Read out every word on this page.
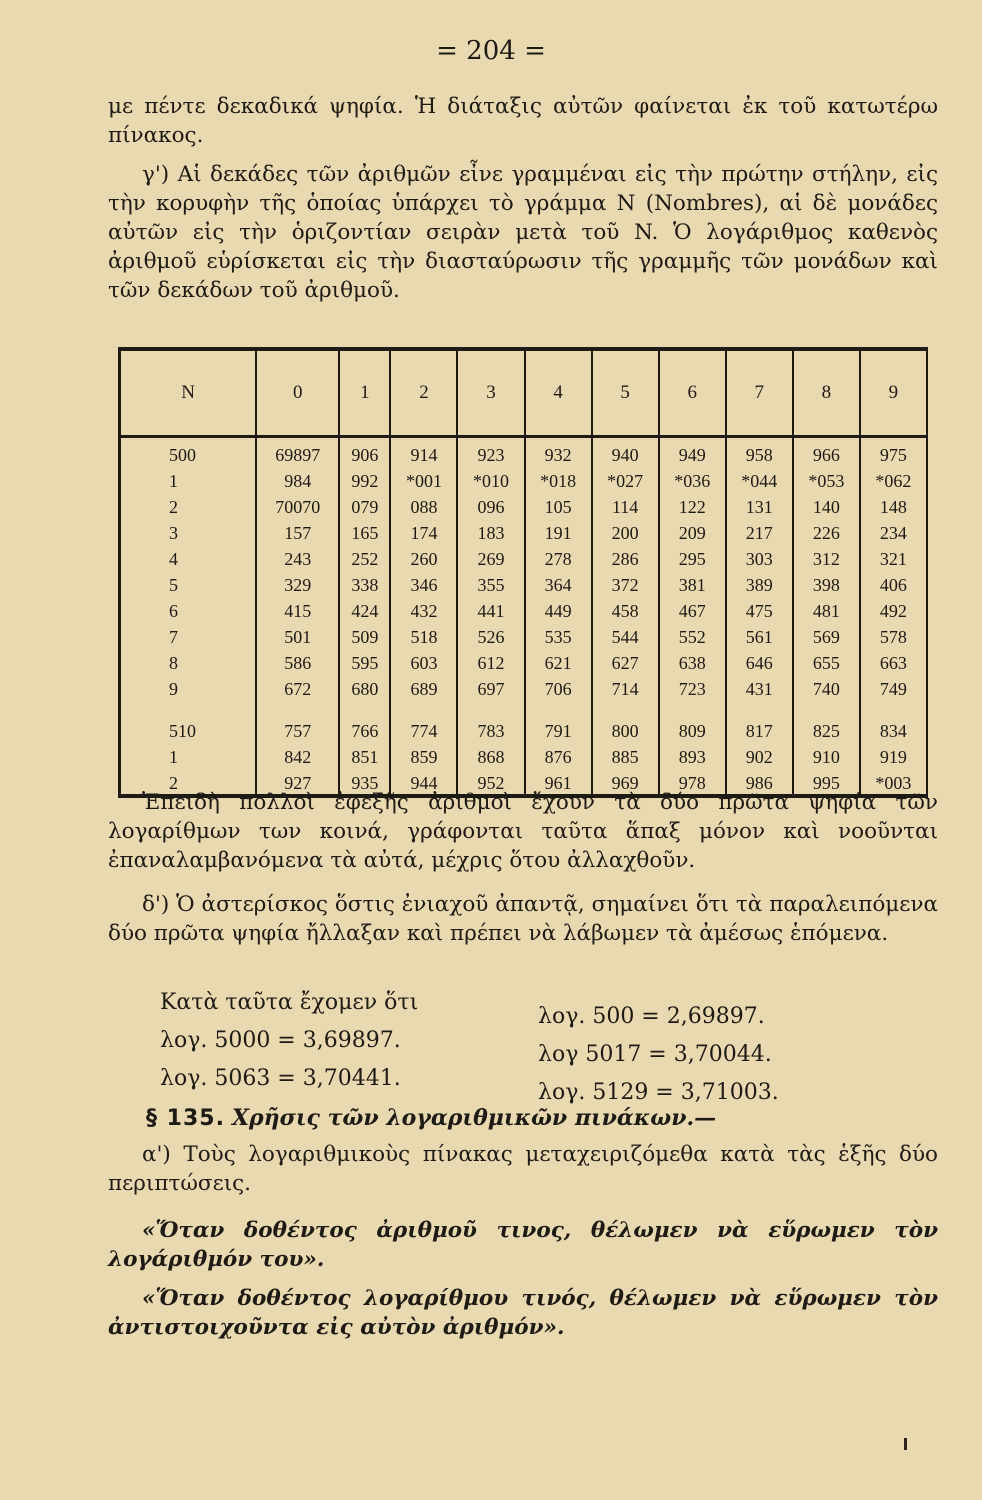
= 204 =

με πέντε δεκαδικά ψηφία. Ἡ διάταξις αὐτῶν φαίνεται ἐκ τοῦ κατωτέρω πίνακος.

γ') Αἱ δεκάδες τῶν ἀριθμῶν εἶνε γραμμέναι εἰς τὴν πρώτην στήλην, εἰς τὴν κορυφὴν τῆς ὁποίας ὑπάρχει τὸ γράμμα N (Nombres), αἱ δὲ μονάδες αὐτῶν εἰς τὴν ὁριζοντίαν σειρὰν μετὰ τοῦ N. Ὁ λογάριθμος καθενὸς ἀριθμοῦ εὑρίσκεται εἰς τὴν διασταύρωσιν τῆς γραμμῆς τῶν μονάδων καὶ τῶν δεκάδων τοῦ ἀριθμοῦ.

N	0	1	2	3	4	5	6	7	8	9
500	69897	906	914	923	932	940	949	958	966	975
1	984	992	*001	*010	*018	*027	*036	*044	*053	*062
2	70070	079	088	096	105	114	122	131	140	148
3	157	165	174	183	191	200	209	217	226	234
4	243	252	260	269	278	286	295	303	312	321
5	329	338	346	355	364	372	381	389	398	406
6	415	424	432	441	449	458	467	475	481	492
7	501	509	518	526	535	544	552	561	569	578
8	586	595	603	612	621	627	638	646	655	663
9	672	680	689	697	706	714	723	431	740	749

510	757	766	774	783	791	800	809	817	825	834
1	842	851	859	868	876	885	893	902	910	919
2	927	935	944	952	961	969	978	986	995	*003

Ἐπειδὴ πολλοὶ ἐφεξῆς ἀριθμοὶ ἔχουν τὰ δύο πρῶτα ψηφία τῶν λογαρίθμων των κοινά, γράφονται ταῦτα ἅπαξ μόνον καὶ νοοῦνται ἐπαναλαμβανόμενα τὰ αὐτά, μέχρις ὅτου ἀλλαχθοῦν.

δ') Ὁ ἀστερίσκος ὅστις ἐνιαχοῦ ἀπαντᾷ, σημαίνει ὅτι τὰ παραλειπόμενα δύο πρῶτα ψηφία ἤλλαξαν καὶ πρέπει νὰ λάβωμεν τὰ ἀμέσως ἑπόμενα.

Κατὰ ταῦτα ἔχομεν ὅτι
λογ. 5000 = 3,69897.
λογ. 5063 = 3,70441.
λογ. 500 = 2,69897.
λογ 5017 = 3,70044.
λογ. 5129 = 3,71003.
§ 135. Χρῆσις τῶν λογαριθμικῶν πινάκων.—

α') Τοὺς λογαριθμικοὺς πίνακας μεταχειριζόμεθα κατὰ τὰς ἑξῆς δύο περιπτώσεις.

«Ὅταν δοθέντος ἀριθμοῦ τινος, θέλωμεν νὰ εὕρωμεν τὸν λογάριθμόν του».

«Ὅταν δοθέντος λογαρίθμου τινός, θέλωμεν νὰ εὕρωμεν τὸν ἀντιστοιχοῦντα εἰς αὐτὸν ἀριθμόν».
